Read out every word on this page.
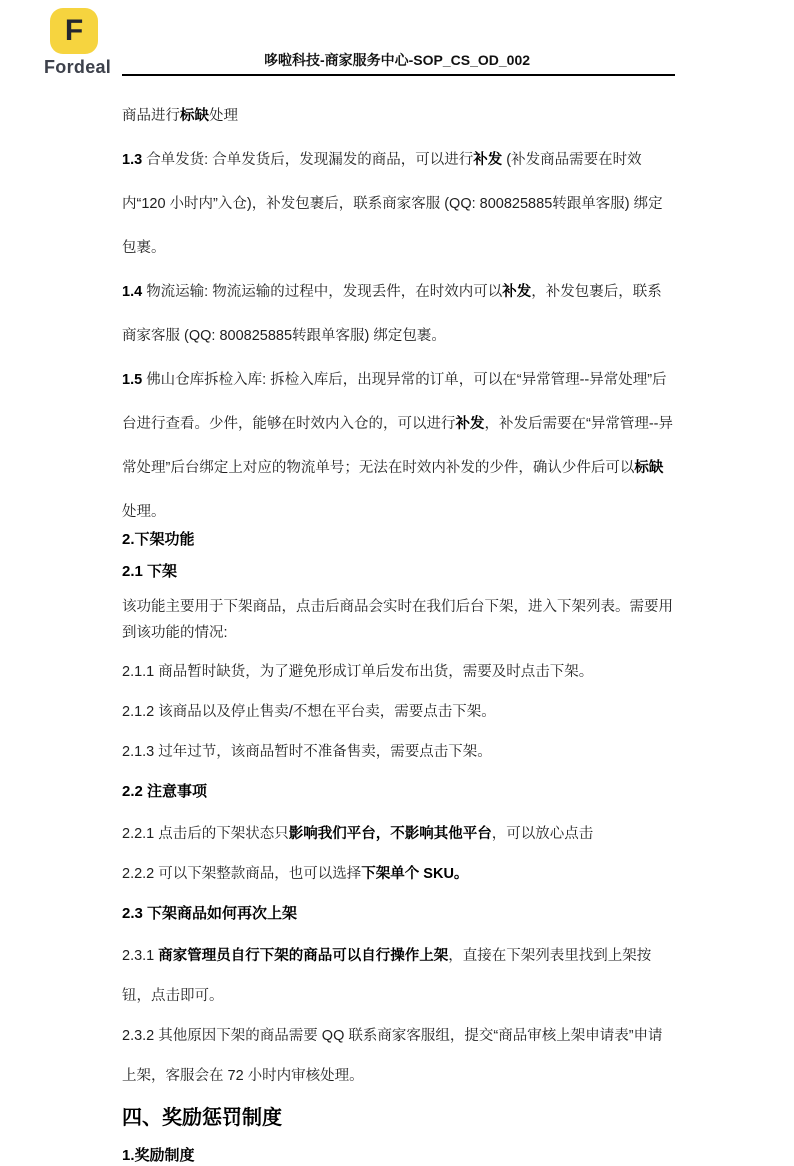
F
Fordeal	哆啦科技-商家服务中心-SOP_CS_OD_002

商品进行标缺处理

1.3 合单发货: 合单发货后，发现漏发的商品，可以进行补发 (补发商品需要在时效内“120 小时内”入仓)，补发包裹后，联系商家客服 (QQ: 800825885转跟单客服) 绑定包裹。

1.4 物流运输: 物流运输的过程中，发现丢件，在时效内可以补发，补发包裹后，联系商家客服 (QQ: 800825885转跟单客服) 绑定包裹。

1.5 佛山仓库拆检入库: 拆检入库后，出现异常的订单，可以在“异常管理--异常处理”后台进行查看。少件，能够在时效内入仓的，可以进行补发，补发后需要在“异常管理--异常处理”后台绑定上对应的物流单号；无法在时效内补发的少件，确认少件后可以标缺处理。

2.下架功能

2.1 下架

该功能主要用于下架商品，点击后商品会实时在我们后台下架，进入下架列表。需要用到该功能的情况:

2.1.1 商品暂时缺货，为了避免形成订单后发布出货，需要及时点击下架。

2.1.2 该商品以及停止售卖/不想在平台卖，需要点击下架。

2.1.3 过年过节，该商品暂时不准备售卖，需要点击下架。

2.2 注意事项

2.2.1 点击后的下架状态只影响我们平台，不影响其他平台，可以放心点击

2.2.2 可以下架整款商品，也可以选择下架单个 SKU。

2.3 下架商品如何再次上架

2.3.1 商家管理员自行下架的商品可以自行操作上架，直接在下架列表里找到上架按钮，点击即可。

2.3.2 其他原因下架的商品需要 QQ 联系商家客服组，提交“商品审核上架申请表”申请上架，客服会在 72 小时内审核处理。

四、奖励惩罚制度

1.奖励制度
